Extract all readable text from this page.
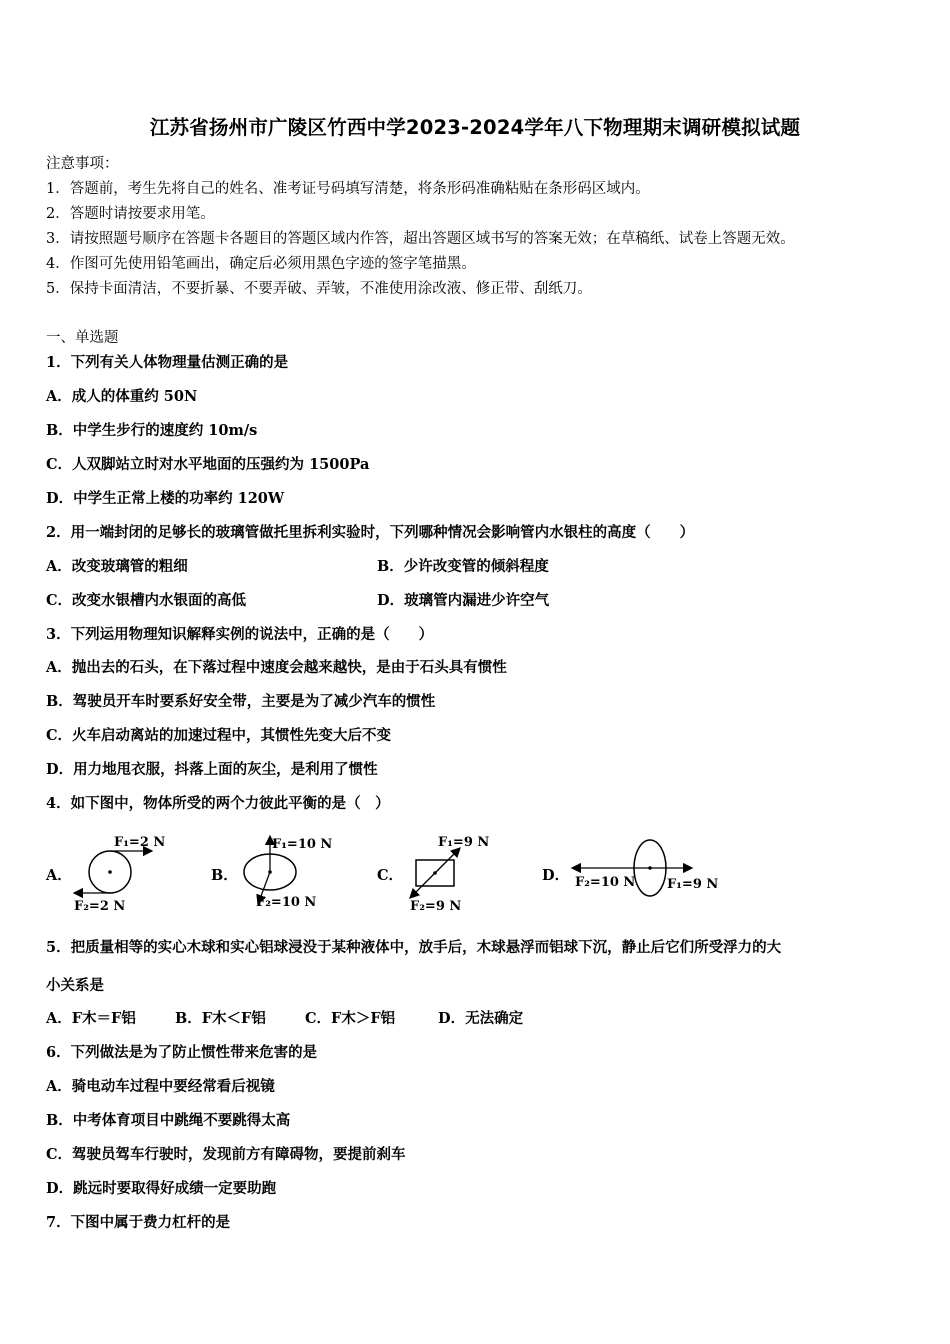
江苏省扬州市广陵区竹西中学2023-2024学年八下物理期末调研模拟试题
注意事项：
1．答题前，考生先将自己的姓名、准考证号码填写清楚，将条形码准确粘贴在条形码区域内。
2．答题时请按要求用笔。
3．请按照题号顺序在答题卡各题目的答题区域内作答，超出答题区域书写的答案无效；在草稿纸、试卷上答题无效。
4．作图可先使用铅笔画出，确定后必须用黑色字迹的签字笔描黑。
5．保持卡面清洁，不要折暴、不要弄破、弄皱，不准使用涂改液、修正带、刮纸刀。
一、单选题
1．下列有关人体物理量估测正确的是
A．成人的体重约 50N
B．中学生步行的速度约 10m/s
C．人双脚站立时对水平地面的压强约为 1500Pa
D．中学生正常上楼的功率约 120W
2．用一端封闭的足够长的玻璃管做托里拆利实验时，下列哪种情况会影响管内水银柱的高度（　　）
A．改变玻璃管的粗细	B．少许改变管的倾斜程度
C．改变水银槽内水银面的高低	D．玻璃管内漏进少许空气
3．下列运用物理知识解释实例的说法中，正确的是（　　）
A．抛出去的石头，在下落过程中速度会越来越快，是由于石头具有惯性
B．驾驶员开车时要系好安全带，主要是为了减少汽车的惯性
C．火车启动离站的加速过程中，其惯性先变大后不变
D．用力地甩衣服，抖落上面的灰尘，是利用了惯性
4．如下图中，物体所受的两个力彼此平衡的是（　）
A．	B．	C．	D．
F₁=2 N
F₂=2 N
F₁=10 N
F₂=10 N
F₁=9 N
F₂=9 N
F₁=9 N
F₂=10 N
5．把质量相等的实心木球和实心铝球浸没于某种液体中，放手后，木球悬浮而铝球下沉，静止后它们所受浮力的大
小关系是
A．F木＝F铝	B．F木＜F铝	C．F木＞F铝	D．无法确定
6．下列做法是为了防止惯性带来危害的是
A．骑电动车过程中要经常看后视镜
B．中考体育项目中跳绳不要跳得太高
C．驾驶员驾车行驶时，发现前方有障碍物，要提前刹车
D．跳远时要取得好成绩一定要助跑
7．下图中属于费力杠杆的是
